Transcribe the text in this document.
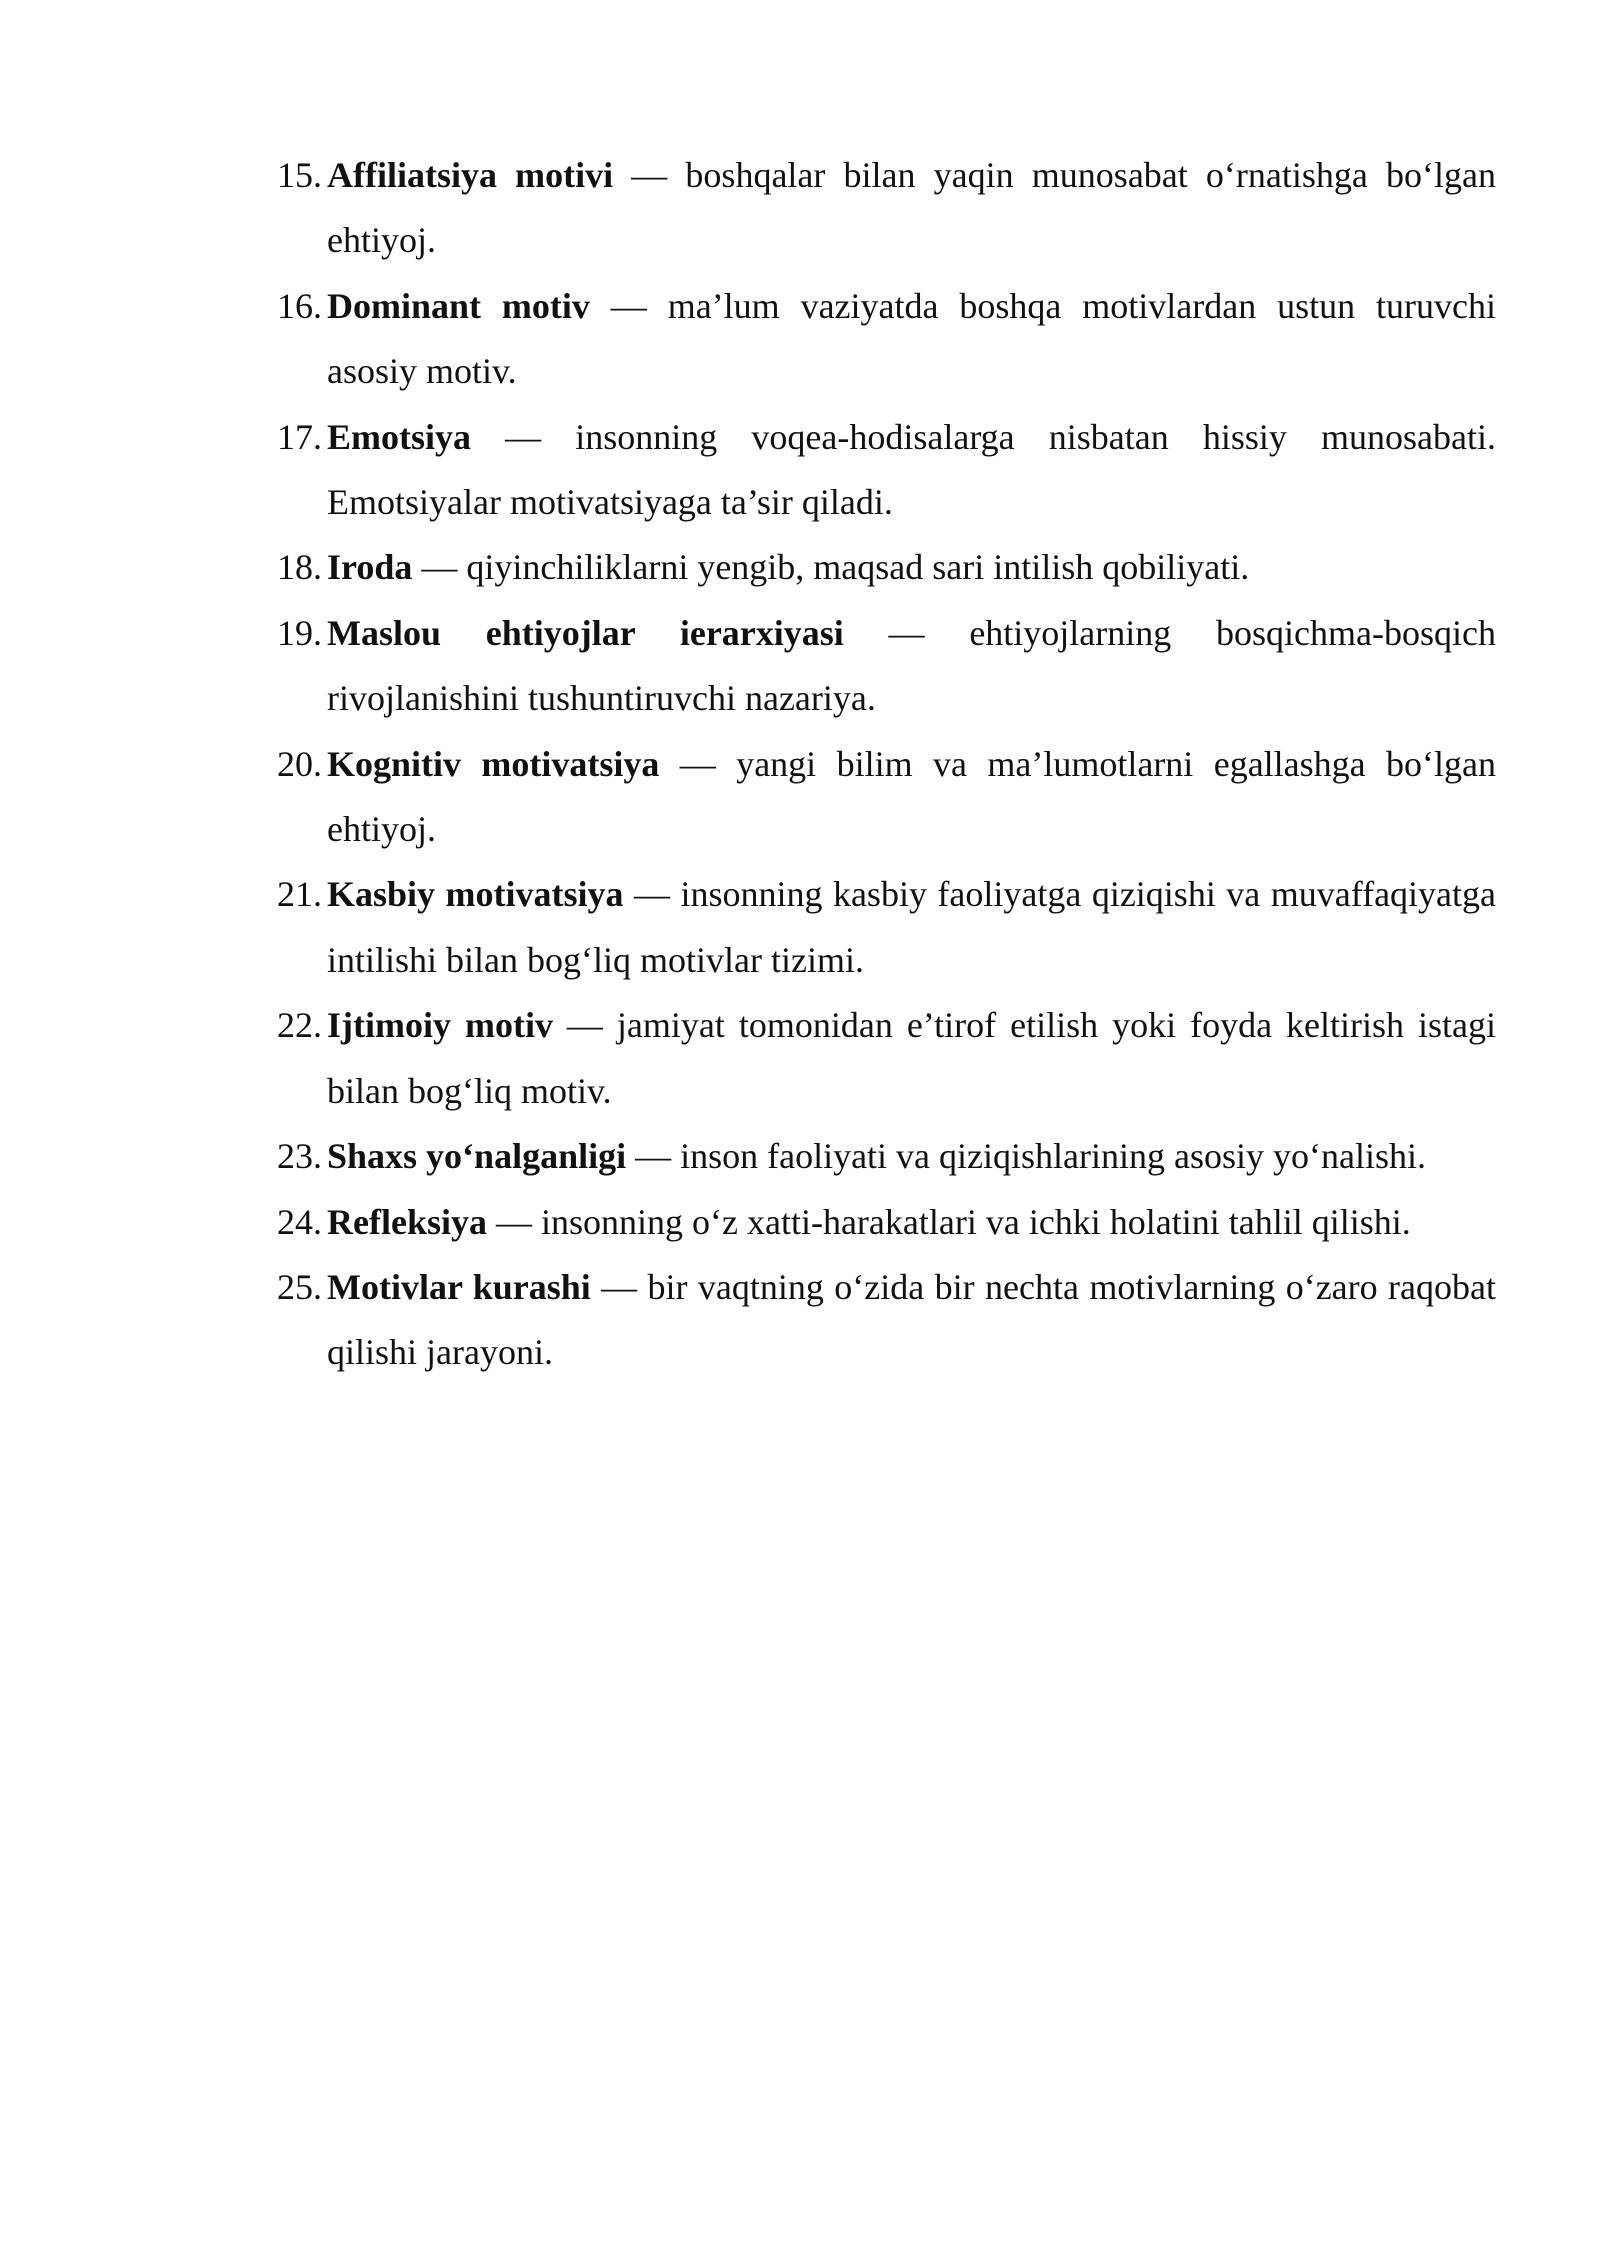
15. Affiliatsiya motivi — boshqalar bilan yaqin munosabat o‘rnatishga bo‘lgan ehtiyoj.
16. Dominant motiv — ma’lum vaziyatda boshqa motivlardan ustun turuvchi asosiy motiv.
17. Emotsiya — insonning voqea-hodisalarga nisbatan hissiy munosabati. Emotsiyalar motivatsiyaga ta’sir qiladi.
18. Iroda — qiyinchiliklarni yengib, maqsad sari intilish qobiliyati.
19. Maslou ehtiyojlar ierarxiyasi — ehtiyojlarning bosqichma-bosqich rivojlanishini tushuntiruvchi nazariya.
20. Kognitiv motivatsiya — yangi bilim va ma’lumotlarni egallashga bo‘lgan ehtiyoj.
21. Kasbiy motivatsiya — insonning kasbiy faoliyatga qiziqishi va muvaffaqiyatga intilishi bilan bog‘liq motivlar tizimi.
22. Ijtimoiy motiv — jamiyat tomonidan e’tirof etilish yoki foyda keltirish istagi bilan bog‘liq motiv.
23. Shaxs yo‘nalganligi — inson faoliyati va qiziqishlarining asosiy yo‘nalishi.
24. Refleksiya — insonning o‘z xatti-harakatlari va ichki holatini tahlil qilishi.
25. Motivlar kurashi — bir vaqtning o‘zida bir nechta motivlarning o‘zaro raqobat qilishi jarayoni.
